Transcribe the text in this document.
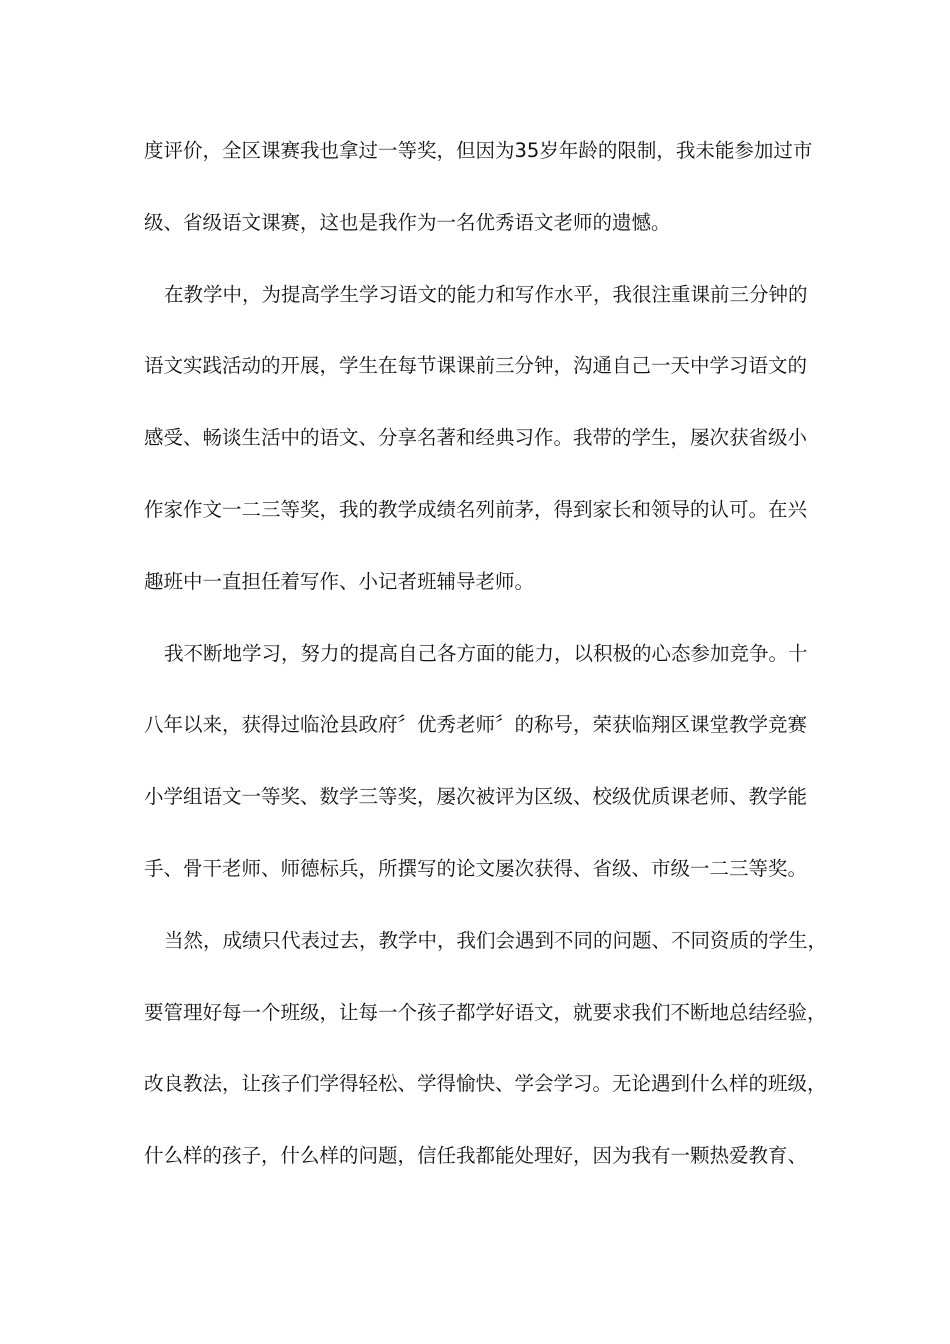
度评价，全区课赛我也拿过一等奖，但因为35岁年龄的限制，我未能参加过市
级、省级语文课赛，这也是我作为一名优秀语文老师的遗憾。
在教学中，为提高学生学习语文的能力和写作水平，我很注重课前三分钟的
语文实践活动的开展，学生在每节课课前三分钟，沟通自己一天中学习语文的
感受、畅谈生活中的语文、分享名著和经典习作。我带的学生，屡次获省级小
作家作文一二三等奖，我的教学成绩名列前茅，得到家长和领导的认可。在兴
趣班中一直担任着写作、小记者班辅导老师。
我不断地学习，努力的提高自己各方面的能力，以积极的心态参加竞争。十
八年以来，获得过临沧县政府〞优秀老师〞的称号，荣获临翔区课堂教学竞赛
小学组语文一等奖、数学三等奖，屡次被评为区级、校级优质课老师、教学能
手、骨干老师、师德标兵，所撰写的论文屡次获得、省级、市级一二三等奖。
当然，成绩只代表过去，教学中，我们会遇到不同的问题、不同资质的学生，
要管理好每一个班级，让每一个孩子都学好语文，就要求我们不断地总结经验，
改良教法，让孩子们学得轻松、学得愉快、学会学习。无论遇到什么样的班级，
什么样的孩子，什么样的问题，信任我都能处理好，因为我有一颗热爱教育、
